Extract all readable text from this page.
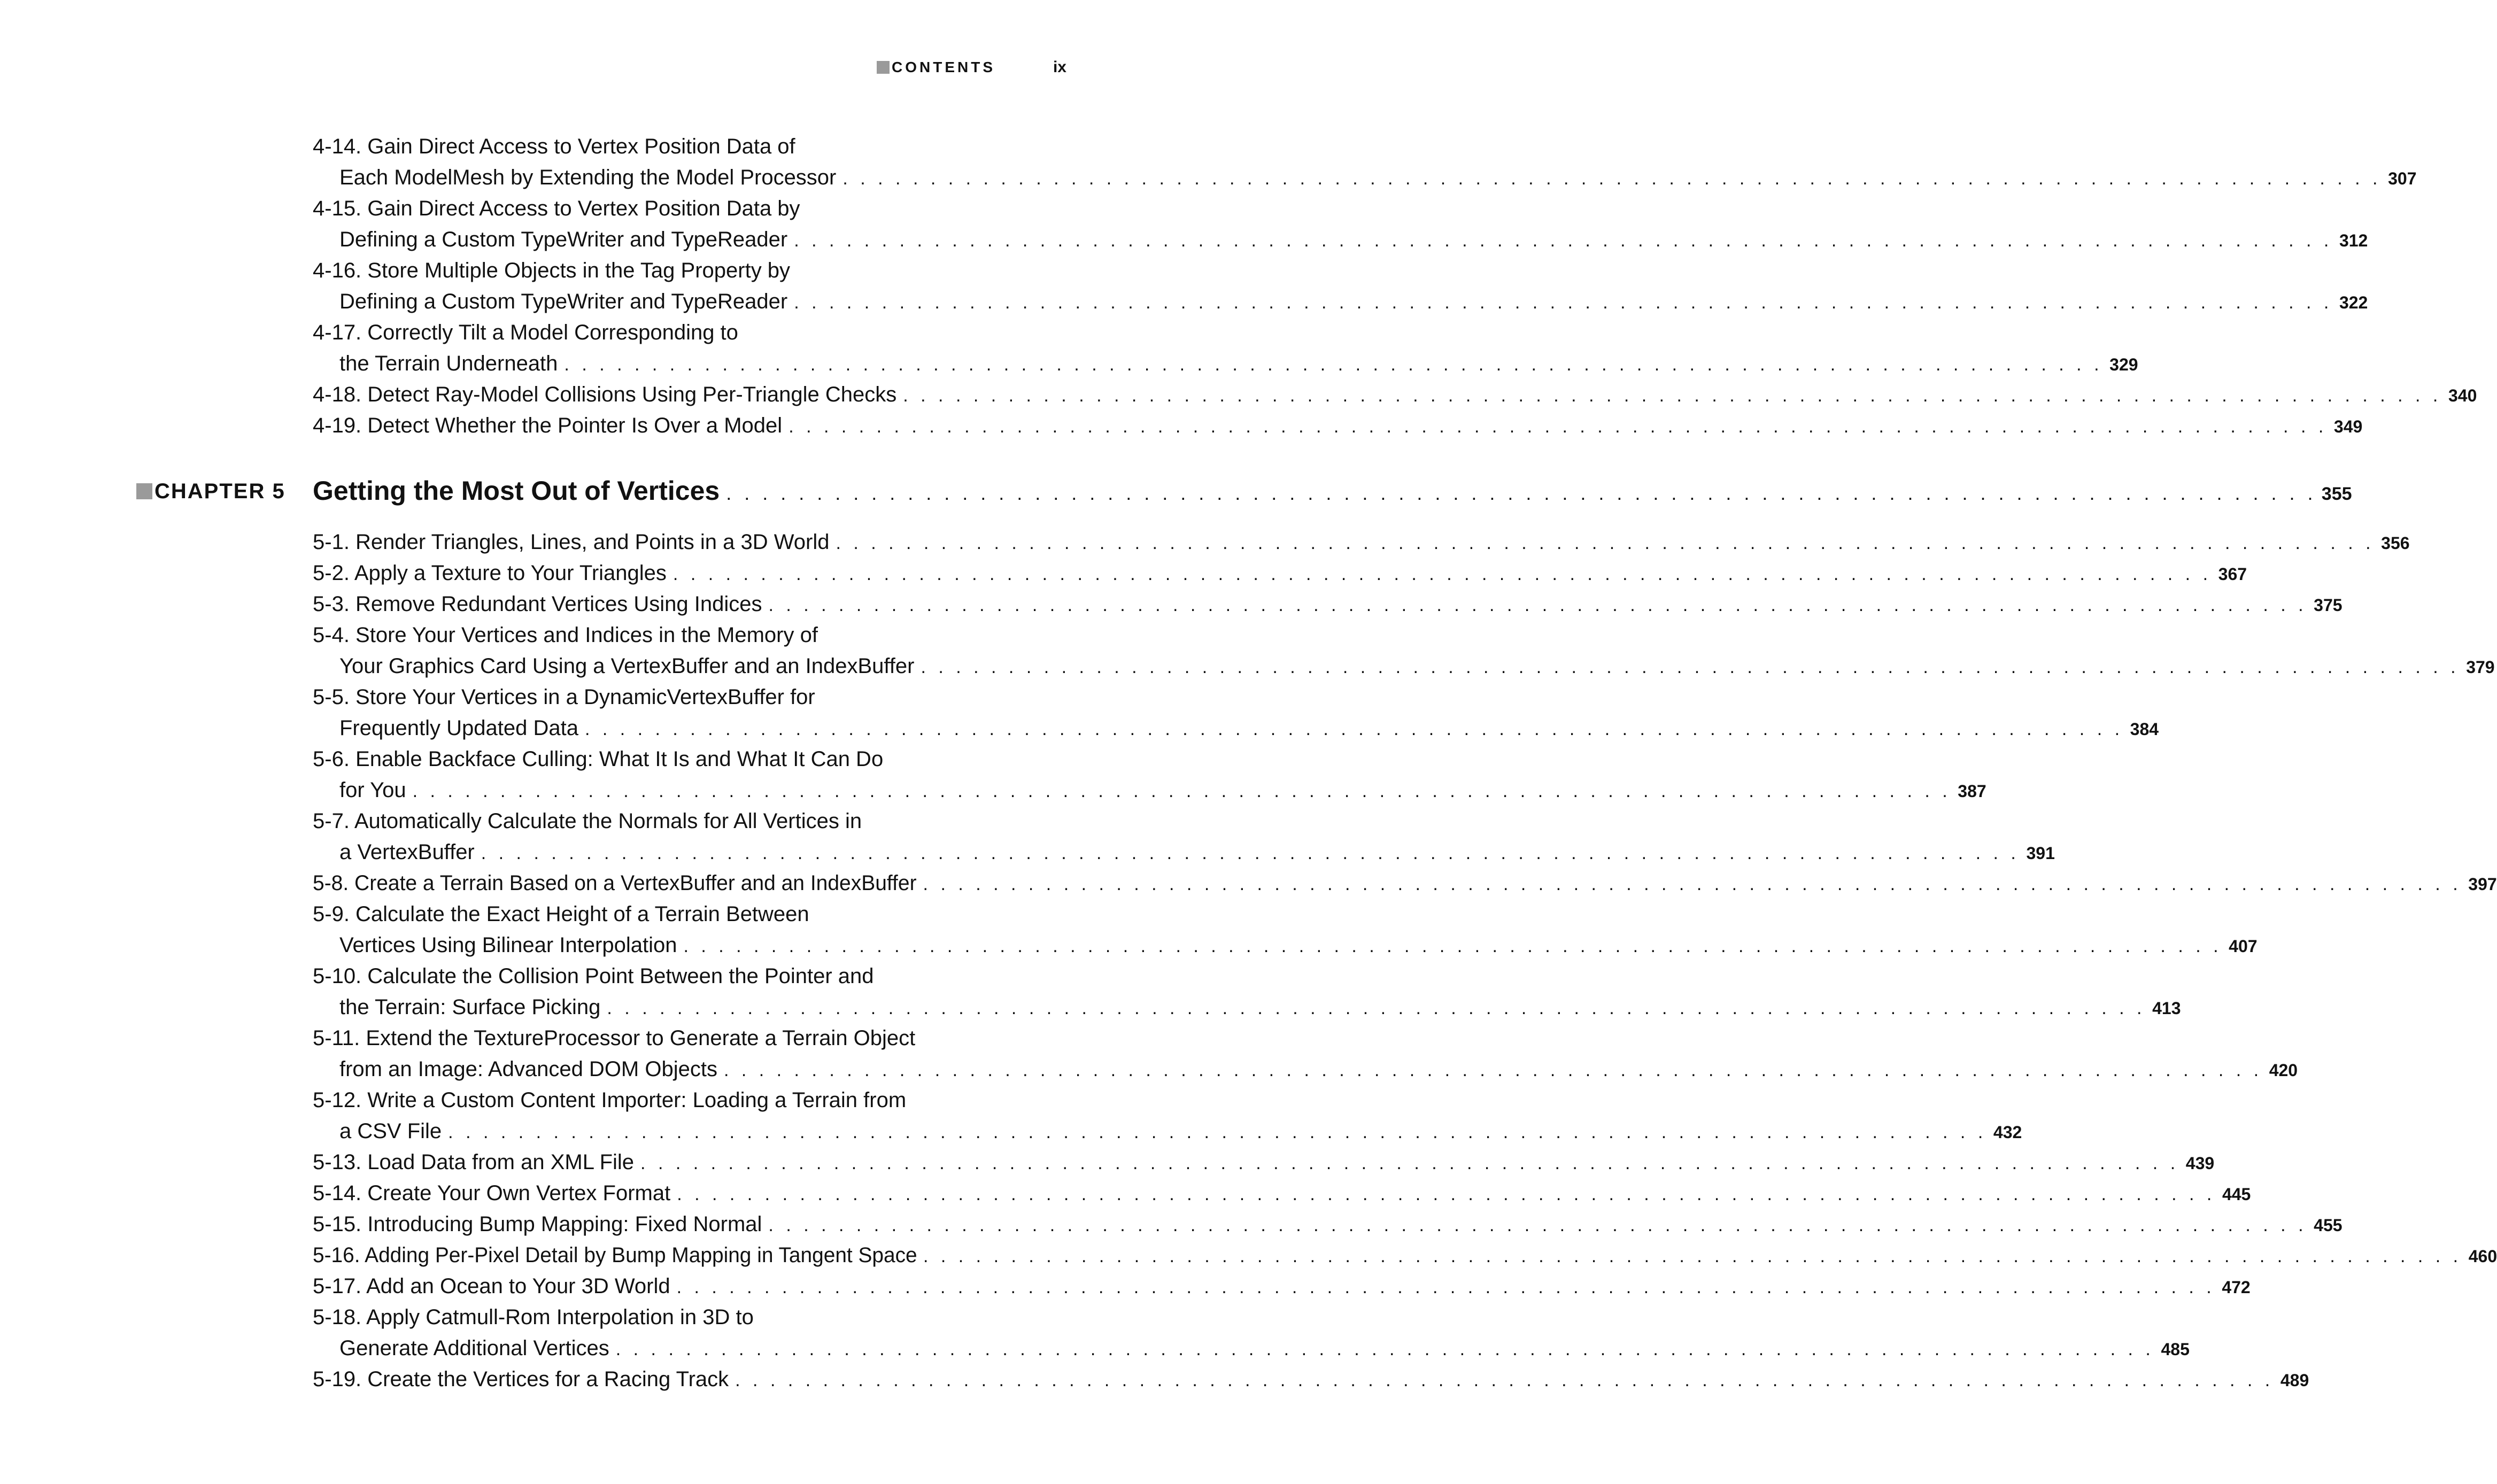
CONTENTS	ix
4-14. Gain Direct Access to Vertex Position Data of
Each ModelMesh by Extending the Model Processor . . . . . . . . . . . . . . . . . . . . . . . . . . . . . . . . . . . . . . . . . . . . . . . . . . . . . . . . . . . . . . . . . . . . . . . . . . . . . . . . . . . . . . . . 307
4-15. Gain Direct Access to Vertex Position Data by
Defining a Custom TypeWriter and TypeReader . . . . . . . . . . . . . . . . . . . . . . . . . . . . . . . . . . . . . . . . . . . . . . . . . . . . . . . . . . . . . . . . . . . . . . . . . . . . . . . . . . . . . . . . 312
4-16. Store Multiple Objects in the Tag Property by
Defining a Custom TypeWriter and TypeReader . . . . . . . . . . . . . . . . . . . . . . . . . . . . . . . . . . . . . . . . . . . . . . . . . . . . . . . . . . . . . . . . . . . . . . . . . . . . . . . . . . . . . . . . 322
4-17. Correctly Tilt a Model Corresponding to
the Terrain Underneath . . . . . . . . . . . . . . . . . . . . . . . . . . . . . . . . . . . . . . . . . . . . . . . . . . . . . . . . . . . . . . . . . . . . . . . . . . . . . . . . . . . . . . . . 329
4-18. Detect Ray-Model Collisions Using Per-Triangle Checks . . . . . . . . . . . . . . . . . . . . . . . . . . . . . . . . . . . . . . . . . . . . . . . . . . . . . . . . . . . . . . . . . . . . . . . . . . . . . . . . . . . . . . . . 340
4-19. Detect Whether the Pointer Is Over a Model . . . . . . . . . . . . . . . . . . . . . . . . . . . . . . . . . . . . . . . . . . . . . . . . . . . . . . . . . . . . . . . . . . . . . . . . . . . . . . . . . . . . . . . . 349
CHAPTER 5 Getting the Most Out of Vertices . . . . . . . . . . . . . . . . . . . . . . . . . . . . . . . . . . . . . . . . . . . . . . . . . . . . . . . . . . . . . . . . . . . . . . . . . . . . . . . . . . . . . . . . 355
5-1. Render Triangles, Lines, and Points in a 3D World . . . . . . . . . . . . . . . . . . . . . . . . . . . . . . . . . . . . . . . . . . . . . . . . . . . . . . . . . . . . . . . . . . . . . . . . . . . . . . . . . . . . . . . . 356
5-2. Apply a Texture to Your Triangles . . . . . . . . . . . . . . . . . . . . . . . . . . . . . . . . . . . . . . . . . . . . . . . . . . . . . . . . . . . . . . . . . . . . . . . . . . . . . . . . . . . . . . . . 367
5-3. Remove Redundant Vertices Using Indices . . . . . . . . . . . . . . . . . . . . . . . . . . . . . . . . . . . . . . . . . . . . . . . . . . . . . . . . . . . . . . . . . . . . . . . . . . . . . . . . . . . . . . . . 375
5-4. Store Your Vertices and Indices in the Memory of
Your Graphics Card Using a VertexBuffer and an IndexBuffer . . . . . . . . . . . . . . . . . . . . . . . . . . . . . . . . . . . . . . . . . . . . . . . . . . . . . . . . . . . . . . . . . . . . . . . . . . . . . . . . . . . . . . . . 379
5-5. Store Your Vertices in a DynamicVertexBuffer for
Frequently Updated Data . . . . . . . . . . . . . . . . . . . . . . . . . . . . . . . . . . . . . . . . . . . . . . . . . . . . . . . . . . . . . . . . . . . . . . . . . . . . . . . . . . . . . . . . 384
5-6. Enable Backface Culling: What It Is and What It Can Do
for You . . . . . . . . . . . . . . . . . . . . . . . . . . . . . . . . . . . . . . . . . . . . . . . . . . . . . . . . . . . . . . . . . . . . . . . . . . . . . . . . . . . . . . . . 387
5-7. Automatically Calculate the Normals for All Vertices in
a VertexBuffer . . . . . . . . . . . . . . . . . . . . . . . . . . . . . . . . . . . . . . . . . . . . . . . . . . . . . . . . . . . . . . . . . . . . . . . . . . . . . . . . . . . . . . . . 391
5-8. Create a Terrain Based on a VertexBuffer and an IndexBuffer . . . . . . . . . . . . . . . . . . . . . . . . . . . . . . . . . . . . . . . . . . . . . . . . . . . . . . . . . . . . . . . . . . . . . . . . . . . . . . . . . . . . . . . . 397
5-9. Calculate the Exact Height of a Terrain Between
Vertices Using Bilinear Interpolation . . . . . . . . . . . . . . . . . . . . . . . . . . . . . . . . . . . . . . . . . . . . . . . . . . . . . . . . . . . . . . . . . . . . . . . . . . . . . . . . . . . . . . . . 407
5-10. Calculate the Collision Point Between the Pointer and
the Terrain: Surface Picking . . . . . . . . . . . . . . . . . . . . . . . . . . . . . . . . . . . . . . . . . . . . . . . . . . . . . . . . . . . . . . . . . . . . . . . . . . . . . . . . . . . . . . . . 413
5-11. Extend the TextureProcessor to Generate a Terrain Object
from an Image: Advanced DOM Objects . . . . . . . . . . . . . . . . . . . . . . . . . . . . . . . . . . . . . . . . . . . . . . . . . . . . . . . . . . . . . . . . . . . . . . . . . . . . . . . . . . . . . . . . 420
5-12. Write a Custom Content Importer: Loading a Terrain from
a CSV File . . . . . . . . . . . . . . . . . . . . . . . . . . . . . . . . . . . . . . . . . . . . . . . . . . . . . . . . . . . . . . . . . . . . . . . . . . . . . . . . . . . . . . . . 432
5-13. Load Data from an XML File . . . . . . . . . . . . . . . . . . . . . . . . . . . . . . . . . . . . . . . . . . . . . . . . . . . . . . . . . . . . . . . . . . . . . . . . . . . . . . . . . . . . . . . . 439
5-14. Create Your Own Vertex Format . . . . . . . . . . . . . . . . . . . . . . . . . . . . . . . . . . . . . . . . . . . . . . . . . . . . . . . . . . . . . . . . . . . . . . . . . . . . . . . . . . . . . . . . 445
5-15. Introducing Bump Mapping: Fixed Normal . . . . . . . . . . . . . . . . . . . . . . . . . . . . . . . . . . . . . . . . . . . . . . . . . . . . . . . . . . . . . . . . . . . . . . . . . . . . . . . . . . . . . . . . 455
5-16. Adding Per-Pixel Detail by Bump Mapping in Tangent Space . . . . . . . . . . . . . . . . . . . . . . . . . . . . . . . . . . . . . . . . . . . . . . . . . . . . . . . . . . . . . . . . . . . . . . . . . . . . . . . . . . . . . . . . 460
5-17. Add an Ocean to Your 3D World . . . . . . . . . . . . . . . . . . . . . . . . . . . . . . . . . . . . . . . . . . . . . . . . . . . . . . . . . . . . . . . . . . . . . . . . . . . . . . . . . . . . . . . . 472
5-18. Apply Catmull-Rom Interpolation in 3D to
Generate Additional Vertices . . . . . . . . . . . . . . . . . . . . . . . . . . . . . . . . . . . . . . . . . . . . . . . . . . . . . . . . . . . . . . . . . . . . . . . . . . . . . . . . . . . . . . . . 485
5-19. Create the Vertices for a Racing Track . . . . . . . . . . . . . . . . . . . . . . . . . . . . . . . . . . . . . . . . . . . . . . . . . . . . . . . . . . . . . . . . . . . . . . . . . . . . . . . . . . . . . . . . 489
